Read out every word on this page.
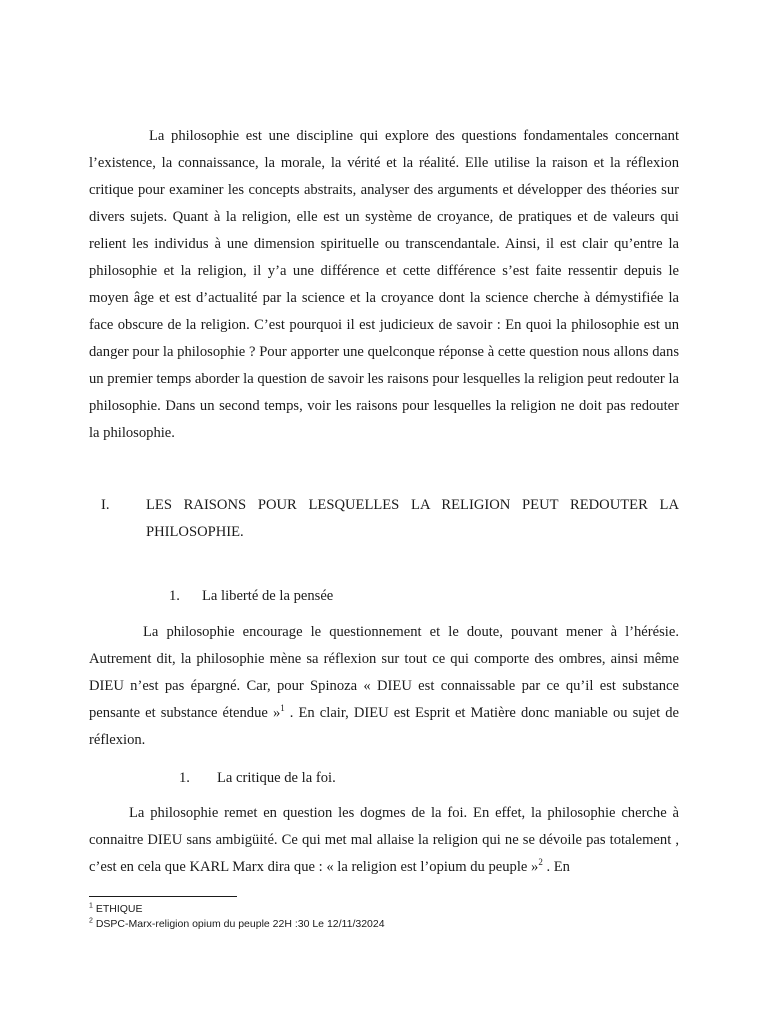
La philosophie est une discipline qui explore des questions fondamentales concernant l’existence, la connaissance, la morale, la vérité et la réalité. Elle utilise la raison et la réflexion critique pour examiner les concepts abstraits, analyser des arguments et développer des théories sur divers sujets. Quant à la religion, elle est un système de croyance, de pratiques et de valeurs qui relient les individus à une dimension spirituelle ou transcendantale. Ainsi, il est clair qu’entre la philosophie et la religion, il y’a une différence et cette différence s’est faite ressentir depuis le moyen âge et est d’actualité par la science et la croyance dont la science cherche à démystifiée la face obscure de la religion. C’est pourquoi il est judicieux de savoir : En quoi la philosophie est un danger pour la philosophie ? Pour apporter une quelconque réponse à cette question nous allons dans un premier temps aborder la question de savoir les raisons pour lesquelles la religion peut redouter la philosophie. Dans un second temps, voir les raisons pour lesquelles la religion ne doit pas redouter la philosophie.

I. LES RAISONS POUR LESQUELLES LA RELIGION PEUT REDOUTER LA PHILOSOPHIE.
1. La liberté de la pensée

La philosophie encourage le questionnement et le doute, pouvant mener à l’hérésie. Autrement dit, la philosophie mène sa réflexion sur tout ce qui comporte des ombres, ainsi même DIEU n’est pas épargné. Car, pour Spinoza « DIEU est connaissable par ce qu’il est substance pensante et substance étendue »$^1$ . En clair, DIEU est Esprit et Matière donc maniable ou sujet de réflexion.

1. La critique de la foi.

La philosophie remet en question les dogmes de la foi. En effet, la philosophie cherche à connaitre DIEU sans ambigüité. Ce qui met mal allaise la religion qui ne se dévoile pas totalement , c’est en cela que KARL Marx dira que : « la religion est l’opium du peuple »$^2$ . En

$^1$ ETHIQUE
$^2$ DSPC-Marx-religion opium du peuple 22H :30 Le 12/11/32024
